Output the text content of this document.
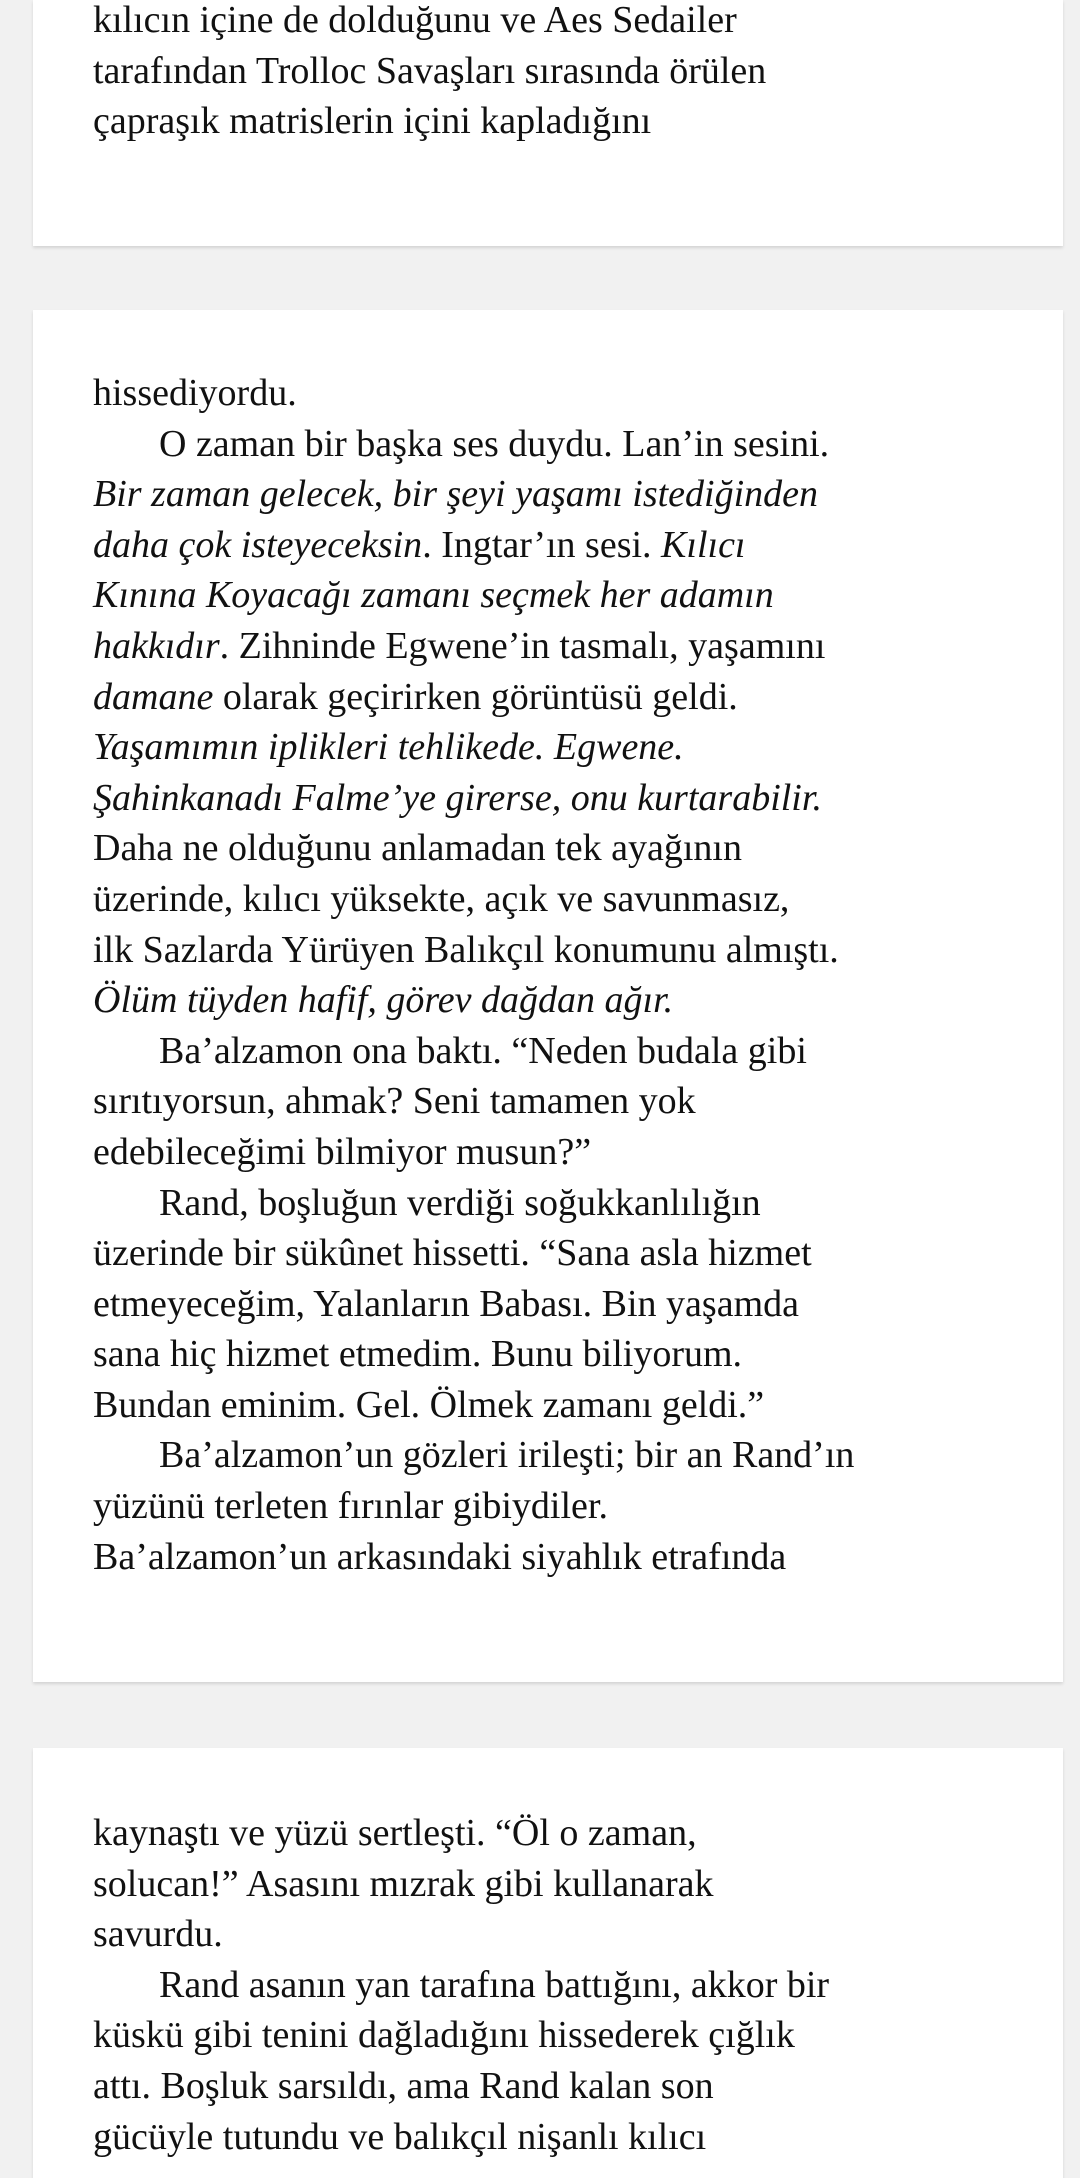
kılıcın içine de dolduğunu ve Aes Sedailer
tarafından Trolloc Savaşları sırasında örülen
çapraşık matrislerin içini kapladığını
hissediyordu.
O zaman bir başka ses duydu. Lan’in sesini.
Bir zaman gelecek, bir şeyi yaşamı istediğinden
daha çok isteyeceksin. Ingtar’ın sesi. Kılıcı
Kınına Koyacağı zamanı seçmek her adamın
hakkıdır. Zihninde Egwene’in tasmalı, yaşamını
damane olarak geçirirken görüntüsü geldi.
Yaşamımın iplikleri tehlikede. Egwene.
Şahinkanadı Falme’ye girerse, onu kurtarabilir.
Daha ne olduğunu anlamadan tek ayağının
üzerinde, kılıcı yüksekte, açık ve savunmasız,
ilk Sazlarda Yürüyen Balıkçıl konumunu almıştı.
Ölüm tüyden hafif, görev dağdan ağır.
Ba’alzamon ona baktı. “Neden budala gibi
sırıtıyorsun, ahmak? Seni tamamen yok
edebileceğimi bilmiyor musun?”
Rand, boşluğun verdiği soğukkanlılığın
üzerinde bir sükûnet hissetti. “Sana asla hizmet
etmeyeceğim, Yalanların Babası. Bin yaşamda
sana hiç hizmet etmedim. Bunu biliyorum.
Bundan eminim. Gel. Ölmek zamanı geldi.”
Ba’alzamon’un gözleri irileşti; bir an Rand’ın
yüzünü terleten fırınlar gibiydiler.
Ba’alzamon’un arkasındaki siyahlık etrafında
kaynaştı ve yüzü sertleşti. “Öl o zaman,
solucan!” Asasını mızrak gibi kullanarak
savurdu.
Rand asanın yan tarafına battığını, akkor bir
küskü gibi tenini dağladığını hissederek çığlık
attı. Boşluk sarsıldı, ama Rand kalan son
gücüyle tutundu ve balıkçıl nişanlı kılıcı
